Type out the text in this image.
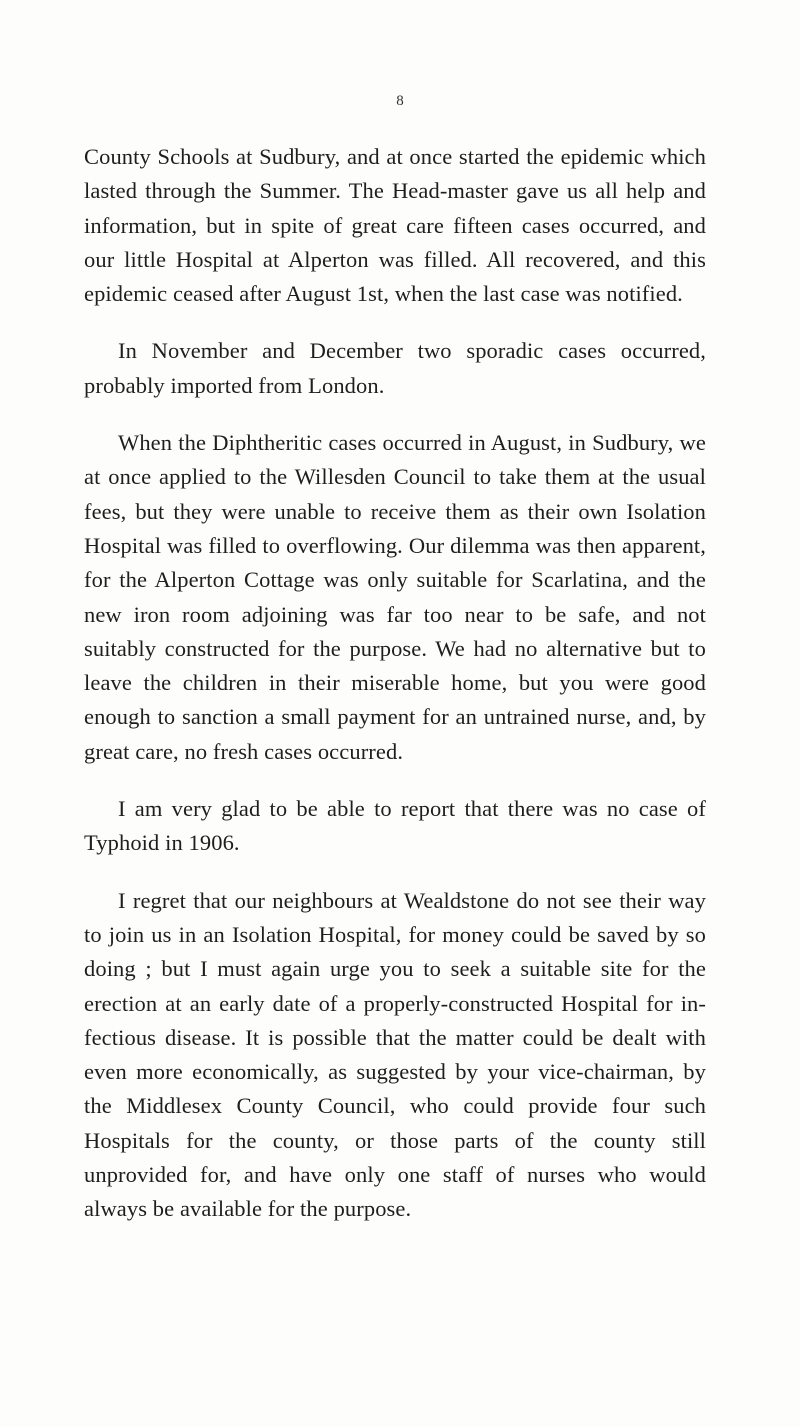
8

County Schools at Sudbury, and at once started the epidemic which lasted through the Summer. The Head-master gave us all help and information, but in spite of great care fifteen cases occurred, and our little Hospital at Alperton was filled. All recovered, and this epidemic ceased after August 1st, when the last case was notified.

In November and December two sporadic cases occurred, probably imported from London.

When the Diphtheritic cases occurred in August, in Sudbury, we at once applied to the Willesden Council to take them at the usual fees, but they were unable to receive them as their own Isolation Hospital was filled to overflowing. Our dilemma was then apparent, for the Alperton Cottage was only suitable for Scarlatina, and the new iron room adjoining was far too near to be safe, and not suitably constructed for the purpose. We had no alternative but to leave the children in their miserable home, but you were good enough to sanction a small payment for an untrained nurse, and, by great care, no fresh cases occurred.

I am very glad to be able to report that there was no case of Typhoid in 1906.

I regret that our neighbours at Wealdstone do not see their way to join us in an Isolation Hospital, for money could be saved by so doing ; but I must again urge you to seek a suitable site for the erection at an early date of a properly-constructed Hospital for in-fectious disease. It is possible that the matter could be dealt with even more economically, as suggested by your vice-chairman, by the Middlesex County Council, who could provide four such Hospitals for the county, or those parts of the county still unprovided for, and have only one staff of nurses who would always be available for the purpose.
